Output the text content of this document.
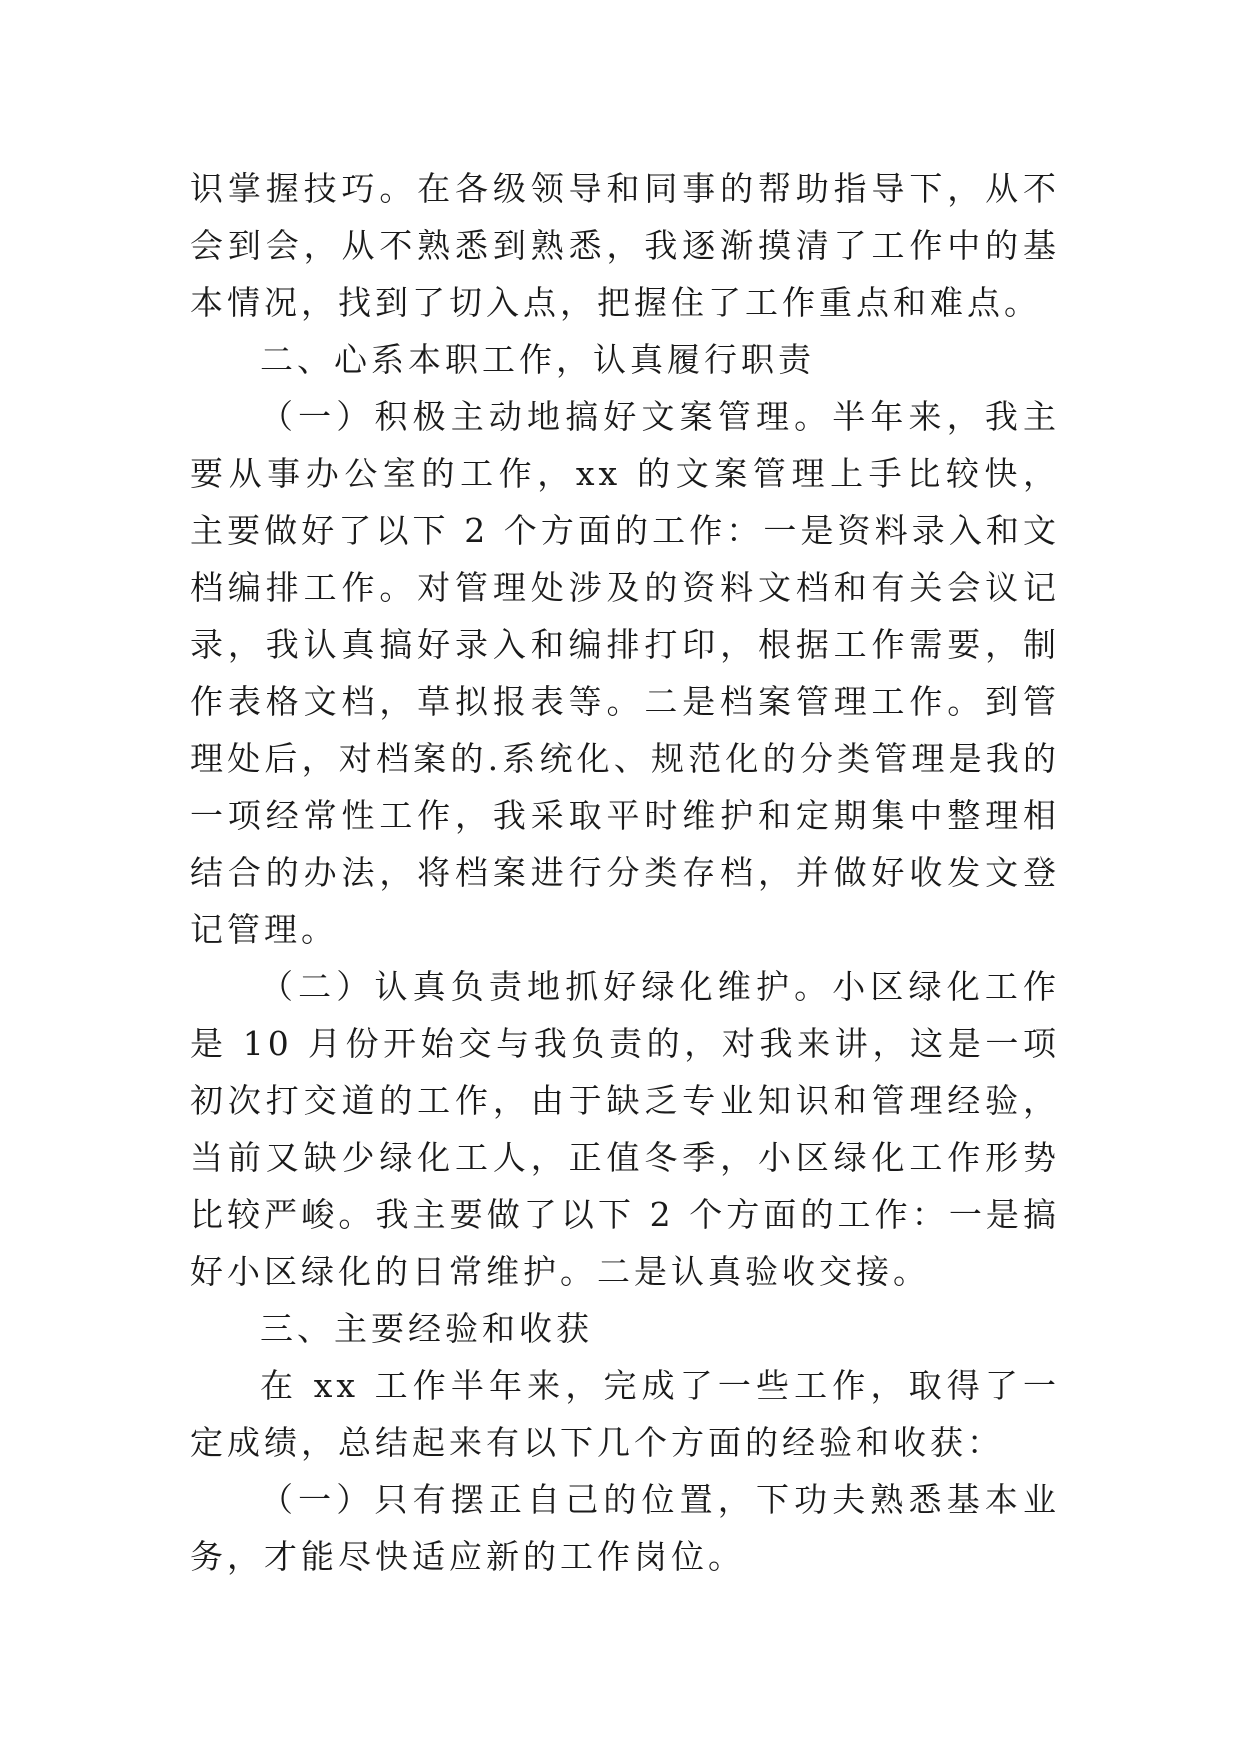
识掌握技巧。在各级领导和同事的帮助指导下，从不会到会，从不熟悉到熟悉，我逐渐摸清了工作中的基本情况，找到了切入点，把握住了工作重点和难点。

二、心系本职工作，认真履行职责

（一）积极主动地搞好文案管理。半年来，我主要从事办公室的工作，xx 的文案管理上手比较快，主要做好了以下 2 个方面的工作：一是资料录入和文档编排工作。对管理处涉及的资料文档和有关会议记录，我认真搞好录入和编排打印，根据工作需要，制作表格文档，草拟报表等。二是档案管理工作。到管理处后，对档案的.系统化、规范化的分类管理是我的一项经常性工作，我采取平时维护和定期集中整理相结合的办法，将档案进行分类存档，并做好收发文登记管理。

（二）认真负责地抓好绿化维护。小区绿化工作是 10 月份开始交与我负责的，对我来讲，这是一项初次打交道的工作，由于缺乏专业知识和管理经验，当前又缺少绿化工人，正值冬季，小区绿化工作形势比较严峻。我主要做了以下 2 个方面的工作：一是搞好小区绿化的日常维护。二是认真验收交接。

三、主要经验和收获

在 xx 工作半年来，完成了一些工作，取得了一定成绩，总结起来有以下几个方面的经验和收获：

（一）只有摆正自己的位置，下功夫熟悉基本业务，才能尽快适应新的工作岗位。
